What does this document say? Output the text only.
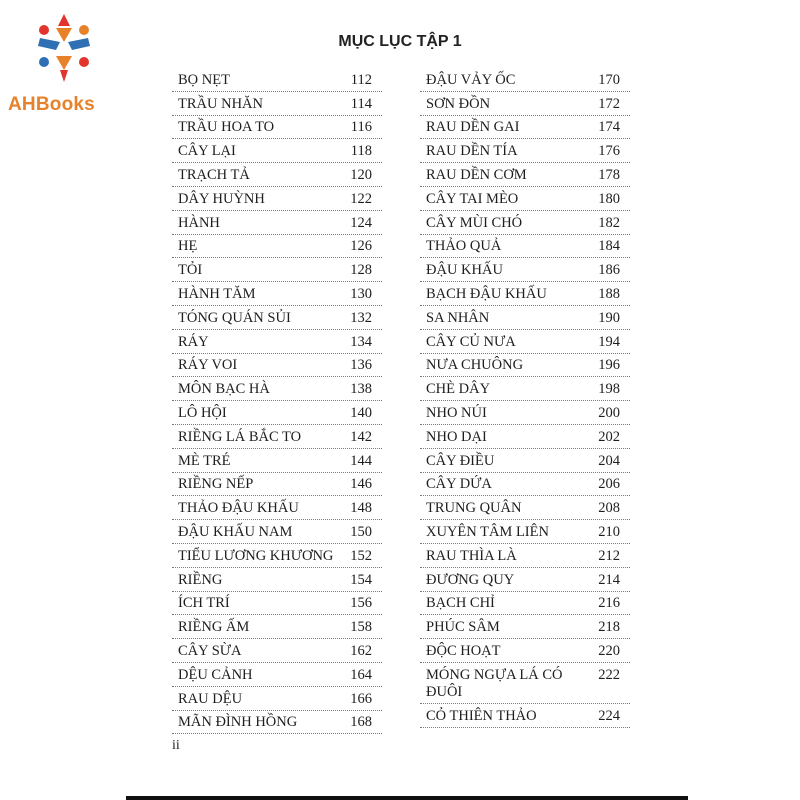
AHBooks
MỤC LỤC TẬP 1
BỌ NẸT	112
TRẦU NHĂN	114
TRẦU HOA TO	116
CÂY LẠI	118
TRẠCH TẢ	120
DÂY HUỲNH	122
HÀNH	124
HẸ	126
TỎI	128
HÀNH TĂM	130
TÓNG QUÁN SỦI	132
RÁY	134
RÁY VOI	136
MÔN BẠC HÀ	138
LÔ HỘI	140
RIỀNG LÁ BẮC TO	142
MÈ TRÉ	144
RIỀNG NẾP	146
THẢO ĐẬU KHẤU	148
ĐẬU KHẤU NAM	150
TIỂU LƯƠNG KHƯƠNG 152
RIỀNG	154
ÍCH TRÍ	156
RIỀNG ẤM	158
CÂY SỪA	162
DỆU CẢNH	164
RAU DỆU	166
MÃN ĐÌNH HỒNG	168
ĐẬU VẢY ỐC	170
SƠN ĐỒN	172
RAU DỀN GAI	174
RAU DỀN TÍA	176
RAU DỀN CƠM	178
CÂY TAI MÈO	180
CÂY MÙI CHÓ	182
THẢO QUẢ	184
ĐẬU KHẤU	186
BẠCH ĐẬU KHẤU	188
SA NHÂN	190
CÂY CỦ NƯA	194
NƯA CHUÔNG	196
CHÈ DÂY	198
NHO NÚI	200
NHO DẠI	202
CÂY ĐIỀU	204
CÂY DỨA	206
TRUNG QUÂN	208
XUYÊN TÂM LIÊN	210
RAU THÌA LÀ	212
ĐƯƠNG QUY	214
BẠCH CHỈ	216
PHÚC SÂM	218
ĐỘC HOẠT	220
MÓNG NGỰA LÁ CÓ ĐUÔI
222
CỎ THIÊN THẢO	224
ii
